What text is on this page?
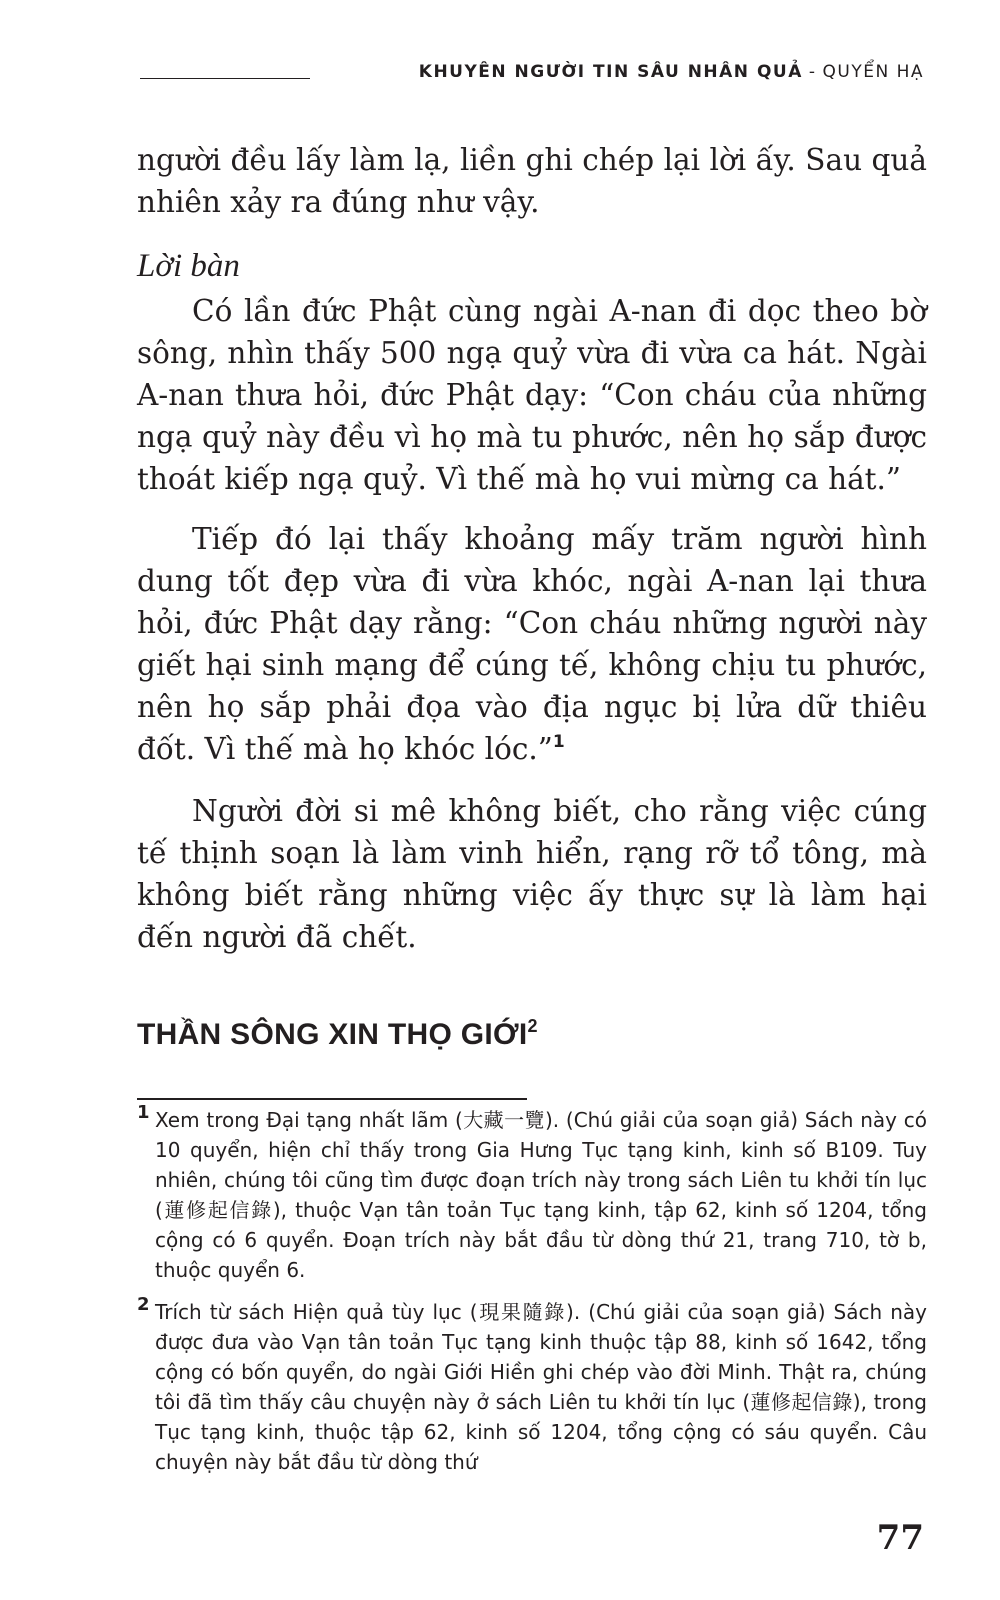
KHUYÊN NGƯỜI TIN SÂU NHÂN QUẢ - QUYỂN HẠ

người đều lấy làm lạ, liền ghi chép lại lời ấy. Sau quả nhiên xảy ra đúng như vậy.

Lời bàn

Có lần đức Phật cùng ngài A-nan đi dọc theo bờ sông, nhìn thấy 500 ngạ quỷ vừa đi vừa ca hát. Ngài A-nan thưa hỏi, đức Phật dạy: “Con cháu của những ngạ quỷ này đều vì họ mà tu phước, nên họ sắp được thoát kiếp ngạ quỷ. Vì thế mà họ vui mừng ca hát.”

Tiếp đó lại thấy khoảng mấy trăm người hình dung tốt đẹp vừa đi vừa khóc, ngài A-nan lại thưa hỏi, đức Phật dạy rằng: “Con cháu những người này giết hại sinh mạng để cúng tế, không chịu tu phước, nên họ sắp phải đọa vào địa ngục bị lửa dữ thiêu đốt. Vì thế mà họ khóc lóc.”$^1$

Người đời si mê không biết, cho rằng việc cúng tế thịnh soạn là làm vinh hiển, rạng rỡ tổ tông, mà không biết rằng những việc ấy thực sự là làm hại đến người đã chết.

THẦN SÔNG XIN THỌ GIỚI$^2$
1 Xem trong Đại tạng nhất lãm (大藏一覽). (Chú giải của soạn giả) Sách này có 10 quyển, hiện chỉ thấy trong Gia Hưng Tục tạng kinh, kinh số B109. Tuy nhiên, chúng tôi cũng tìm được đoạn trích này trong sách Liên tu khởi tín lục (蓮修起信錄), thuộc Vạn tân toản Tục tạng kinh, tập 62, kinh số 1204, tổng cộng có 6 quyển. Đoạn trích này bắt đầu từ dòng thứ 21, trang 710, tờ b, thuộc quyển 6.
2 Trích từ sách Hiện quả tùy lục (現果隨錄). (Chú giải của soạn giả) Sách này được đưa vào Vạn tân toản Tục tạng kinh thuộc tập 88, kinh số 1642, tổng cộng có bốn quyển, do ngài Giới Hiền ghi chép vào đời Minh. Thật ra, chúng tôi đã tìm thấy câu chuyện này ở sách Liên tu khởi tín lục (蓮修起信錄), trong Tục tạng kinh, thuộc tập 62, kinh số 1204, tổng cộng có sáu quyển. Câu chuyện này bắt đầu từ dòng thứ
77
